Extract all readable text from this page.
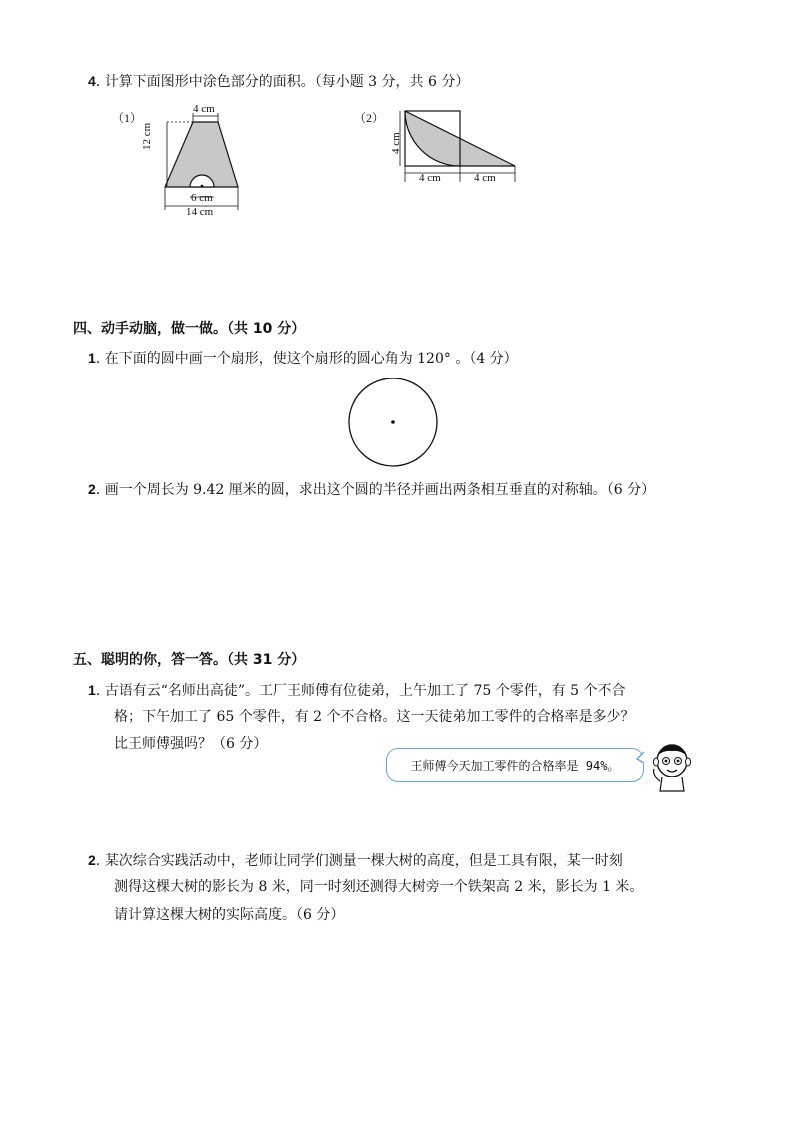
4. 计算下面图形中涂色部分的面积。（每小题 3 分，共 6 分）
（1）
4 cm
12 cm
6 cm
14 cm
（2）
4 cm
4 cm	4 cm
四、动手动脑，做一做。（共 10 分）
1. 在下面的圆中画一个扇形，使这个扇形的圆心角为 120° 。（4 分）
2. 画一个周长为 9.42 厘米的圆，求出这个圆的半径并画出两条相互垂直的对称轴。（6 分）
五、聪明的你，答一答。（共 31 分）
1. 古语有云“名师出高徒”。工厂王师傅有位徒弟，上午加工了 75 个零件，有 5 个不合
格；下午加工了 65 个零件，有 2 个不合格。这一天徒弟加工零件的合格率是多少？
比王师傅强吗？（6 分）
王师傅今天加工零件的合格率是 94%。
2. 某次综合实践活动中，老师让同学们测量一棵大树的高度，但是工具有限，某一时刻
测得这棵大树的影长为 8 米，同一时刻还测得大树旁一个铁架高 2 米，影长为 1 米。
请计算这棵大树的实际高度。（6 分）
